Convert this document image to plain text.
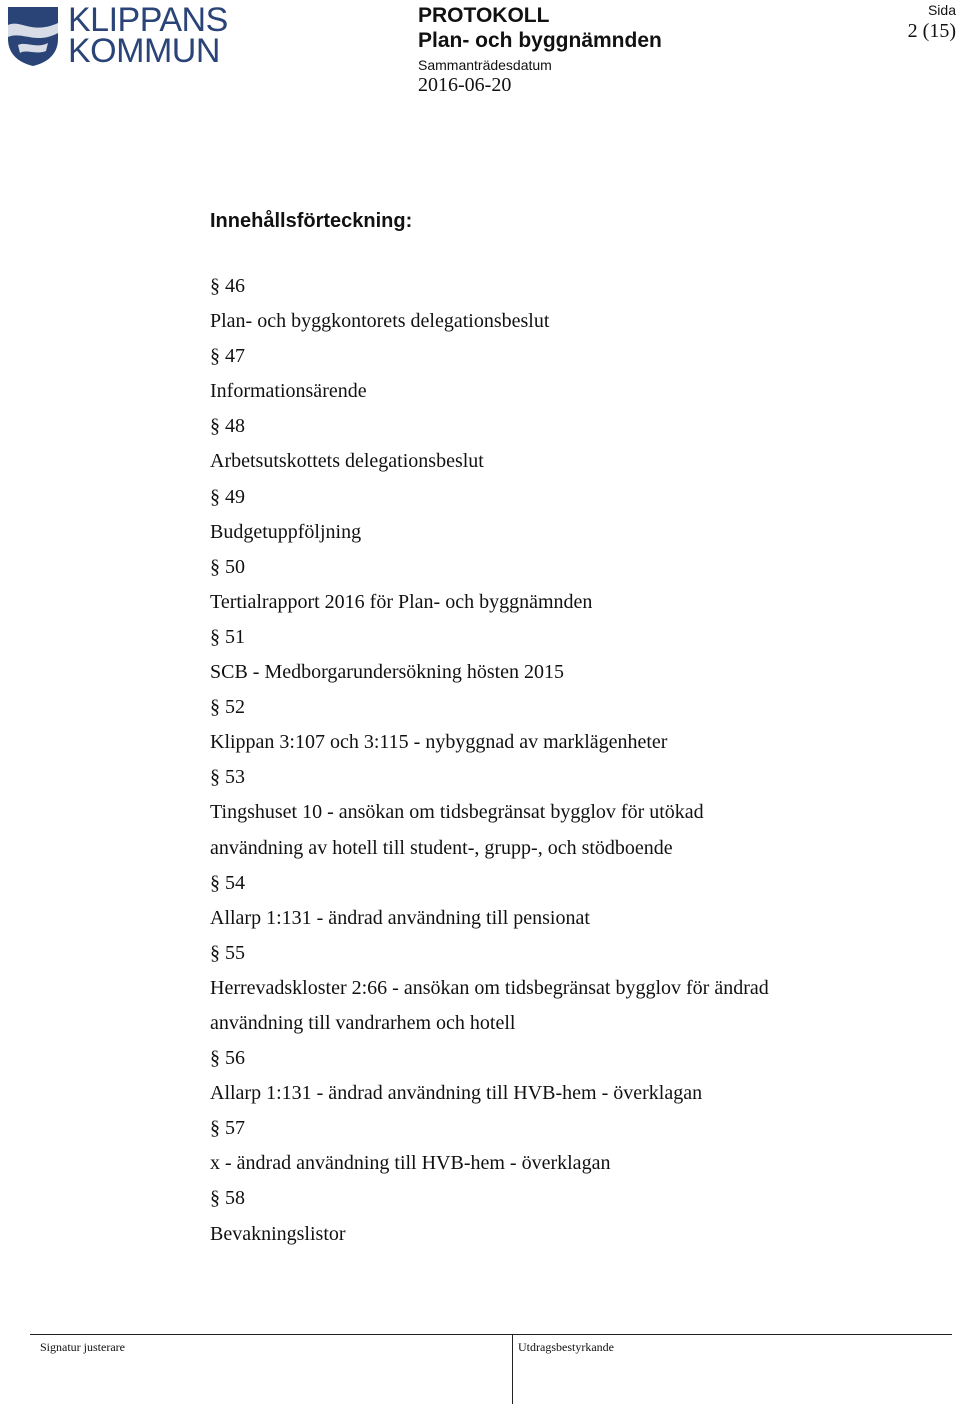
KLIPPANS
KOMMUN
PROTOKOLL
Plan- och byggnämnden
Sammanträdesdatum
2016-06-20
Sida
2 (15)
Innehållsförteckning:
§ 46
Plan- och byggkontorets delegationsbeslut
§ 47
Informationsärende
§ 48
Arbetsutskottets delegationsbeslut
§ 49
Budgetuppföljning
§ 50
Tertialrapport 2016 för Plan- och byggnämnden
§ 51
SCB - Medborgarundersökning hösten 2015
§ 52
Klippan 3:107 och 3:115 - nybyggnad av marklägenheter
§ 53
Tingshuset 10 - ansökan om tidsbegränsat bygglov för utökad
användning av hotell till student-, grupp-, och stödboende
§ 54
Allarp 1:131 - ändrad användning till pensionat
§ 55
Herrevadskloster 2:66 - ansökan om tidsbegränsat bygglov för ändrad
användning till vandrarhem och hotell
§ 56
Allarp 1:131 - ändrad användning till HVB-hem - överklagan
§ 57
x - ändrad användning till HVB-hem - överklagan
§ 58
Bevakningslistor
Signatur justerare	Utdragsbestyrkande
